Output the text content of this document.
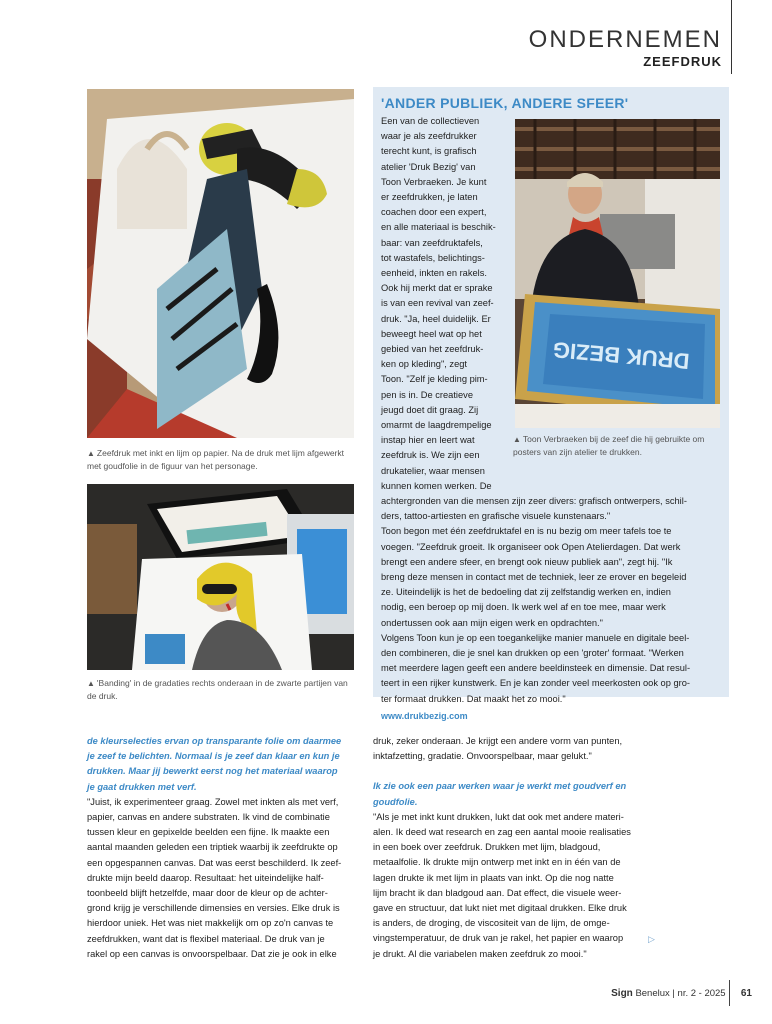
ONDERNEMEN
ZEEFDRUK
▲ Zeefdruk met inkt en lijm op papier. Na de druk met lijm afgewerkt met goudfolie in de figuur van het personage.
▲ 'Banding' in de gradaties rechts onderaan in de zwarte partijen van de druk.
'ANDER PUBLIEK, ANDERE SFEER'
DRUK BEZIG
▲ Toon Verbraeken bij de zeef die hij gebruikte om posters van zijn atelier te drukken.

Een van de collectieven

waar je als zeefdrukker

terecht kunt, is grafisch

atelier 'Druk Bezig' van

Toon Verbraeken. Je kunt

er zeefdrukken, je laten

coachen door een expert,

en alle materiaal is beschik-

baar: van zeefdruktafels,

tot wastafels, belichtings-

eenheid, inkten en rakels.

Ook hij merkt dat er sprake

is van een revival van zeef-

druk. "Ja, heel duidelijk. Er

beweegt heel wat op het

gebied van het zeefdruk-

ken op kleding", zegt

Toon. "Zelf je kleding pim-

pen is in. De creatieve

jeugd doet dit graag. Zij

omarmt de laagdrempelige

instap hier en leert wat

zeefdruk is. We zijn een

drukatelier, waar mensen

kunnen komen werken. De

achtergronden van die mensen zijn zeer divers: grafisch ontwerpers, schil-

ders, tattoo-artiesten en grafische visuele kunstenaars."

Toon begon met één zeefdruktafel en is nu bezig om meer tafels toe te

voegen. "Zeefdruk groeit. Ik organiseer ook Open Atelierdagen. Dat werk

brengt een andere sfeer, en brengt ook nieuw publiek aan", zegt hij. "Ik

breng deze mensen in contact met de techniek, leer ze erover en begeleid

ze. Uiteindelijk is het de bedoeling dat zij zelfstandig werken en, indien

nodig, een beroep op mij doen. Ik werk wel af en toe mee, maar werk

ondertussen ook aan mijn eigen werk en opdrachten."

Volgens Toon kun je op een toegankelijke manier manuele en digitale beel-

den combineren, die je snel kan drukken op een 'groter' formaat. "Werken

met meerdere lagen geeft een andere beeldinsteek en dimensie. Dat resul-

teert in een rijker kunstwerk. En je kan zonder veel meerkosten ook op gro-

ter formaat drukken. Dat maakt het zo mooi."

www.drukbezig.com

de kleurselecties ervan op transparante folie om daarmee

je zeef te belichten. Normaal is je zeef dan klaar en kun je

drukken. Maar jij bewerkt eerst nog het materiaal waarop

je gaat drukken met verf.

"Juist, ik experimenteer graag. Zowel met inkten als met verf,

papier, canvas en andere substraten. Ik vind de combinatie

tussen kleur en gepixelde beelden een fijne. Ik maakte een

aantal maanden geleden een triptiek waarbij ik zeefdrukte op

een opgespannen canvas. Dat was eerst beschilderd. Ik zeef-

drukte mijn beeld daarop. Resultaat: het uiteindelijke half-

toonbeeld blijft hetzelfde, maar door de kleur op de achter-

grond krijg je verschillende dimensies en versies. Elke druk is

hierdoor uniek. Het was niet makkelijk om op zo'n canvas te

zeefdrukken, want dat is flexibel materiaal. De druk van je

rakel op een canvas is onvoorspelbaar. Dat zie je ook in elke

druk, zeker onderaan. Je krijgt een andere vorm van punten,

inktafzetting, gradatie. Onvoorspelbaar, maar gelukt."

Ik zie ook een paar werken waar je werkt met goudverf en

goudfolie.

"Als je met inkt kunt drukken, lukt dat ook met andere materi-

alen. Ik deed wat research en zag een aantal mooie realisaties

in een boek over zeefdruk. Drukken met lijm, bladgoud,

metaalfolie. Ik drukte mijn ontwerp met inkt en in één van de

lagen drukte ik met lijm in plaats van inkt. Op die nog natte

lijm bracht ik dan bladgoud aan. Dat effect, die visuele weer-

gave en structuur, dat lukt niet met digitaal drukken. Elke druk

is anders, de droging, de viscositeit van de lijm, de omge-

vingstemperatuur, de druk van je rakel, het papier en waarop

je drukt. Al die variabelen maken zeefdruk zo mooi."

▷
Sign Benelux | nr. 2 - 2025 61
